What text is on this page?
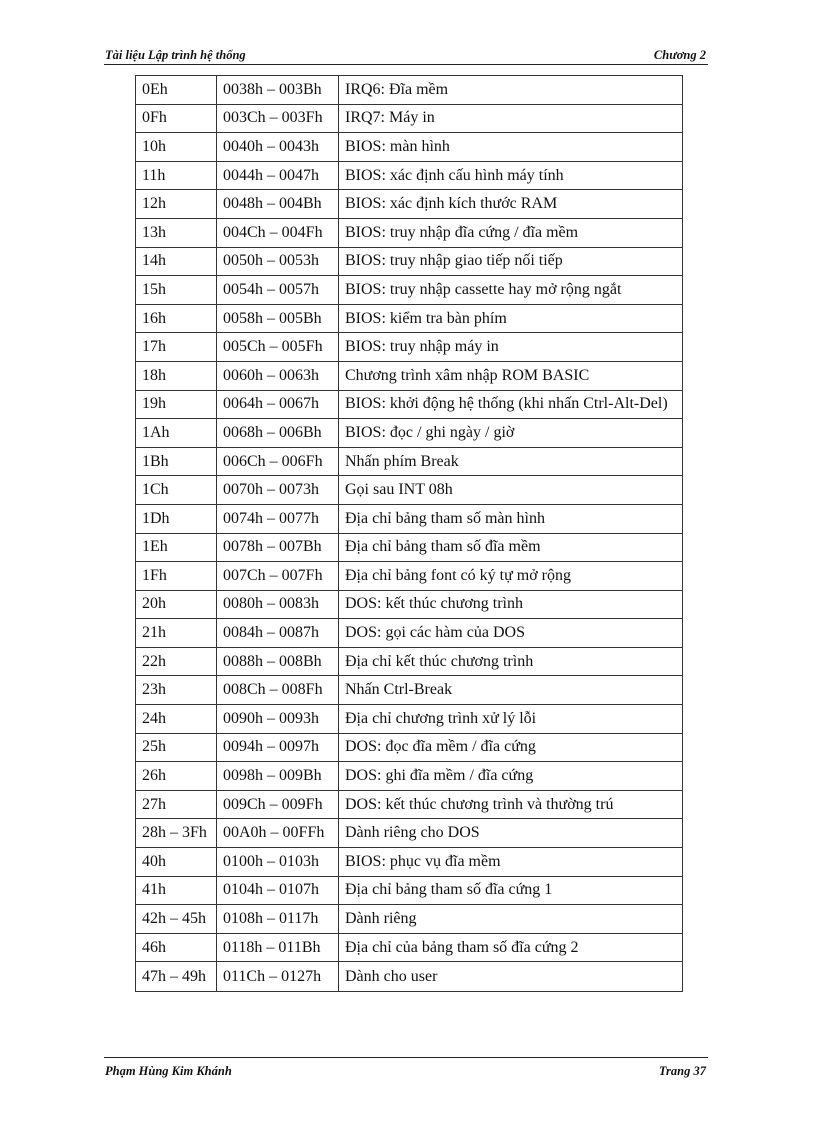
Tài liệu Lập trình hệ thống	Chương 2
0Eh	0038h – 003Bh	IRQ6: Đĩa mềm
0Fh	003Ch – 003Fh	IRQ7: Máy in
10h	0040h – 0043h	BIOS: màn hình
11h	0044h – 0047h	BIOS: xác định cấu hình máy tính
12h	0048h – 004Bh	BIOS: xác định kích thước RAM
13h	004Ch – 004Fh	BIOS: truy nhập đĩa cứng / đĩa mềm
14h	0050h – 0053h	BIOS: truy nhập giao tiếp nối tiếp
15h	0054h – 0057h	BIOS: truy nhập cassette hay mở rộng ngắt
16h	0058h – 005Bh	BIOS: kiểm tra bàn phím
17h	005Ch – 005Fh	BIOS: truy nhập máy in
18h	0060h – 0063h	Chương trình xâm nhập ROM BASIC
19h	0064h – 0067h	BIOS: khởi động hệ thống (khi nhấn Ctrl-Alt-Del)
1Ah	0068h – 006Bh	BIOS: đọc / ghi ngày / giờ
1Bh	006Ch – 006Fh	Nhấn phím Break
1Ch	0070h – 0073h	Gọi sau INT 08h
1Dh	0074h – 0077h	Địa chỉ bảng tham số màn hình
1Eh	0078h – 007Bh	Địa chỉ bảng tham số đĩa mềm
1Fh	007Ch – 007Fh	Địa chỉ bảng font có ký tự mở rộng
20h	0080h – 0083h	DOS: kết thúc chương trình
21h	0084h – 0087h	DOS: gọi các hàm của DOS
22h	0088h – 008Bh	Địa chỉ kết thúc chương trình
23h	008Ch – 008Fh	Nhấn Ctrl-Break
24h	0090h – 0093h	Địa chỉ chương trình xử lý lỗi
25h	0094h – 0097h	DOS: đọc đĩa mềm / đĩa cứng
26h	0098h – 009Bh	DOS: ghi đĩa mềm / đĩa cứng
27h	009Ch – 009Fh	DOS: kết thúc chương trình và thường trú
28h – 3Fh	00A0h – 00FFh	Dành riêng cho DOS
40h	0100h – 0103h	BIOS: phục vụ đĩa mềm
41h	0104h – 0107h	Địa chỉ bảng tham số đĩa cứng 1
42h – 45h	0108h – 0117h	Dành riêng
46h	0118h – 011Bh	Địa chỉ của bảng tham số đĩa cứng 2
47h – 49h	011Ch – 0127h	Dành cho user
Phạm Hùng Kim Khánh	Trang 37
